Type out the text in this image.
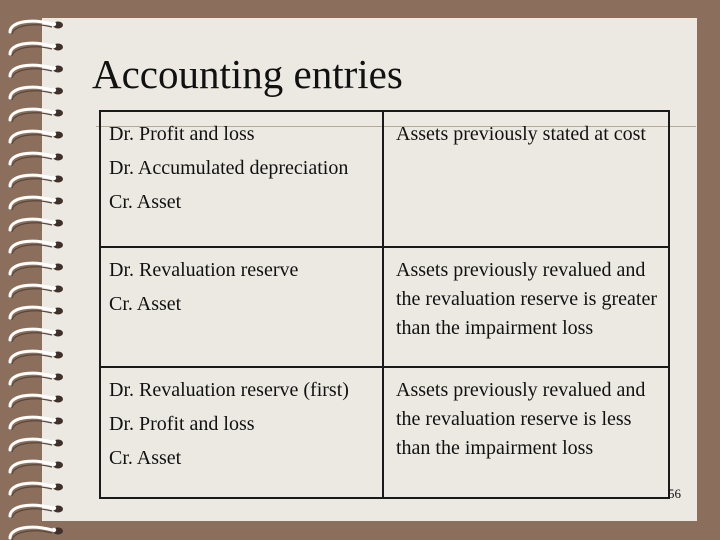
Accounting entries
Dr. Profit and loss
Dr. Accumulated depreciation
Cr. Asset	Assets previously stated at cost

Dr. Revaluation reserve
Cr. Asset	Assets previously revalued and the revaluation reserve is greater than the impairment loss

Dr. Revaluation reserve (first)
Dr. Profit and loss
Cr. Asset	Assets previously revalued and the revaluation reserve is less than the impairment loss
56
